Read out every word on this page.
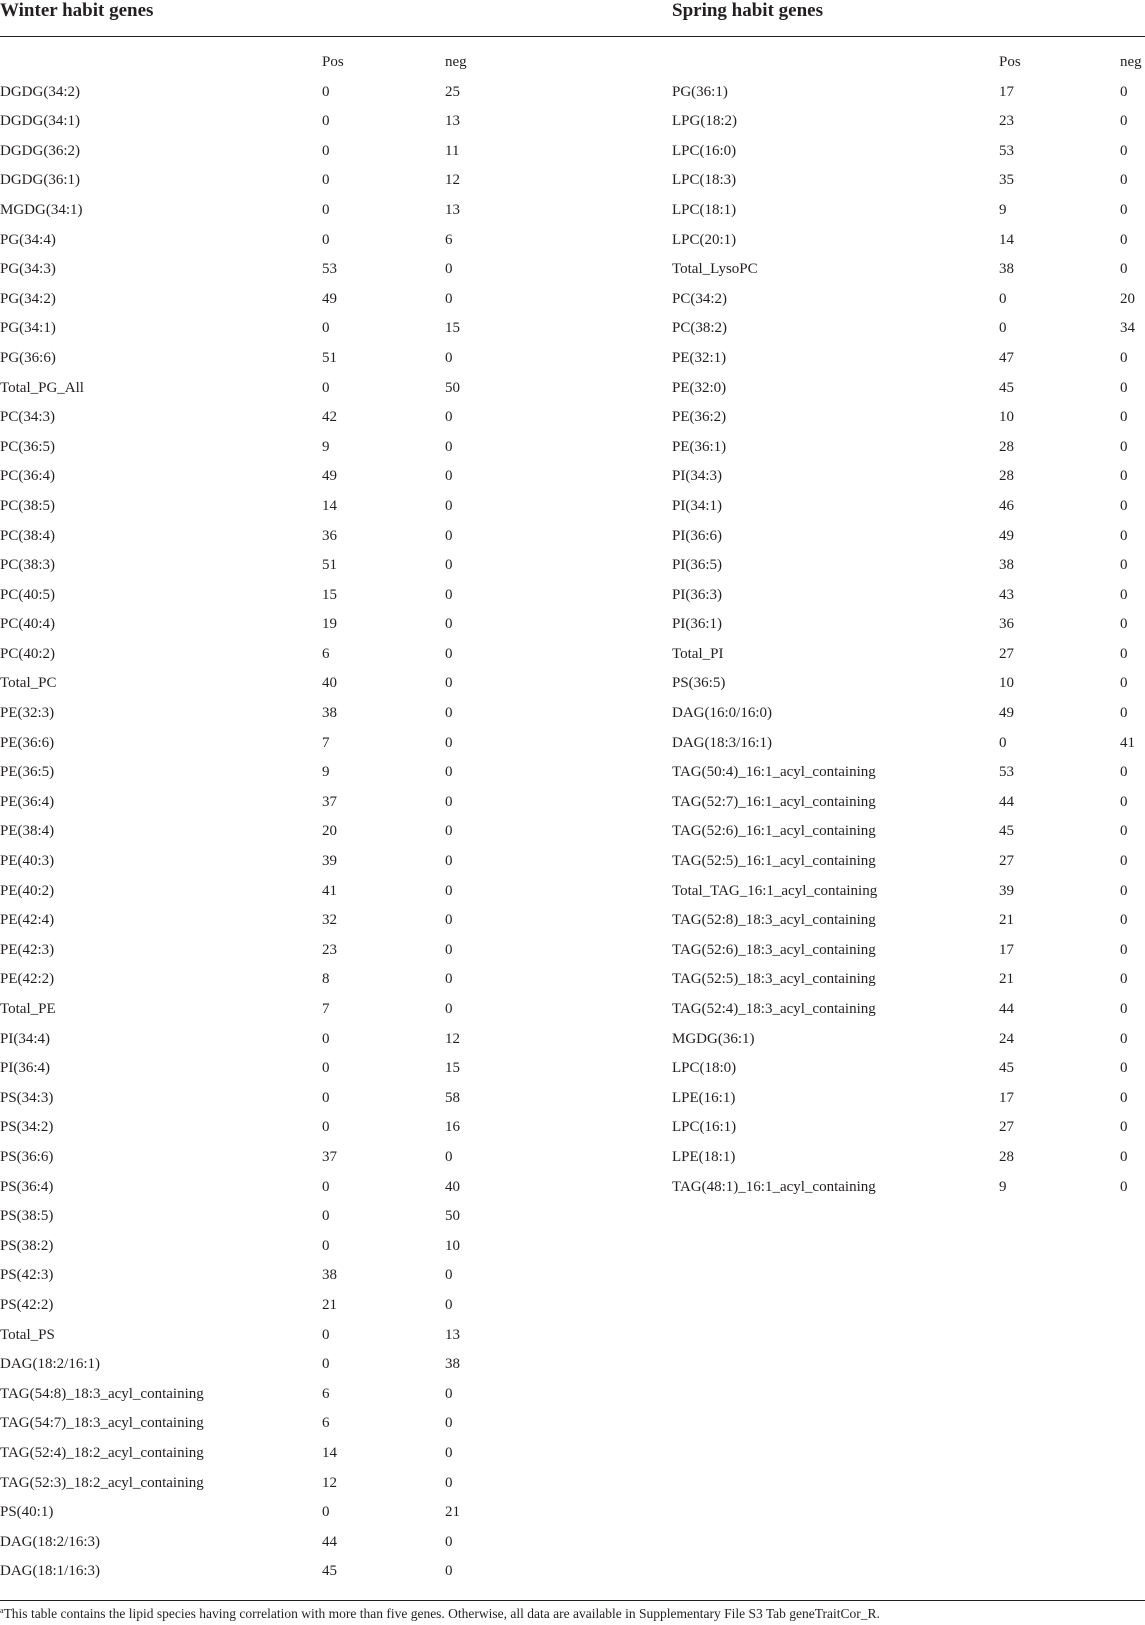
Winter habit genes	Spring habit genes
Pos	neg	Pos	neg
DGDG(34:2)	0	25	PG(36:1)	17	0
DGDG(34:1)	0	13	LPG(18:2)	23	0
DGDG(36:2)	0	11	LPC(16:0)	53	0
DGDG(36:1)	0	12	LPC(18:3)	35	0
MGDG(34:1)	0	13	LPC(18:1)	9	0
PG(34:4)	0	6	LPC(20:1)	14	0
PG(34:3)	53	0	Total_LysoPC	38	0
PG(34:2)	49	0	PC(34:2)	0	20
PG(34:1)	0	15	PC(38:2)	0	34
PG(36:6)	51	0	PE(32:1)	47	0
Total_PG_All	0	50	PE(32:0)	45	0
PC(34:3)	42	0	PE(36:2)	10	0
PC(36:5)	9	0	PE(36:1)	28	0
PC(36:4)	49	0	PI(34:3)	28	0
PC(38:5)	14	0	PI(34:1)	46	0
PC(38:4)	36	0	PI(36:6)	49	0
PC(38:3)	51	0	PI(36:5)	38	0
PC(40:5)	15	0	PI(36:3)	43	0
PC(40:4)	19	0	PI(36:1)	36	0
PC(40:2)	6	0	Total_PI	27	0
Total_PC	40	0	PS(36:5)	10	0
PE(32:3)	38	0	DAG(16:0/16:0)	49	0
PE(36:6)	7	0	DAG(18:3/16:1)	0	41
PE(36:5)	9	0	TAG(50:4)_16:1_acyl_containing	53	0
PE(36:4)	37	0	TAG(52:7)_16:1_acyl_containing	44	0
PE(38:4)	20	0	TAG(52:6)_16:1_acyl_containing	45	0
PE(40:3)	39	0	TAG(52:5)_16:1_acyl_containing	27	0
PE(40:2)	41	0	Total_TAG_16:1_acyl_containing	39	0
PE(42:4)	32	0	TAG(52:8)_18:3_acyl_containing	21	0
PE(42:3)	23	0	TAG(52:6)_18:3_acyl_containing	17	0
PE(42:2)	8	0	TAG(52:5)_18:3_acyl_containing	21	0
Total_PE	7	0	TAG(52:4)_18:3_acyl_containing	44	0
PI(34:4)	0	12	MGDG(36:1)	24	0
PI(36:4)	0	15	LPC(18:0)	45	0
PS(34:3)	0	58	LPE(16:1)	17	0
PS(34:2)	0	16	LPC(16:1)	27	0
PS(36:6)	37	0	LPE(18:1)	28	0
PS(36:4)	0	40	TAG(48:1)_16:1_acyl_containing	9	0
PS(38:5)	0	50
PS(38:2)	0	10
PS(42:3)	38	0
PS(42:2)	21	0
Total_PS	0	13
DAG(18:2/16:1)	0	38
TAG(54:8)_18:3_acyl_containing	6	0
TAG(54:7)_18:3_acyl_containing	6	0
TAG(52:4)_18:2_acyl_containing	14	0
TAG(52:3)_18:2_acyl_containing	12	0
PS(40:1)	0	21
DAG(18:2/16:3)	44	0
DAG(18:1/16:3)	45	0
$^a$This table contains the lipid species having correlation with more than five genes. Otherwise, all data are available in Supplementary File S3 Tab geneTraitCor_R.
